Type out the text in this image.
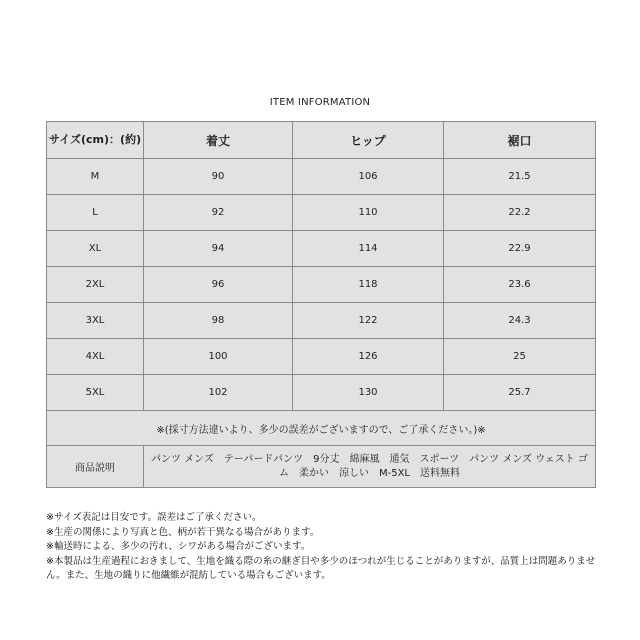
ITEM INFORMATION
サイズ(cm)：(約)	着丈	ヒップ	裾口
M	90	106	21.5
L	92	110	22.2
XL	94	114	22.9
2XL	96	118	23.6
3XL	98	122	24.3
4XL	100	126	25
5XL	102	130	25.7
※(採寸方法違いより、多少の誤差がございますので、ご了承ください。)※			
商品説明	パンツ メンズ　テーパードパンツ　9分丈　綿麻風　通気　スポーツ　パンツ メンズ ウェスト ゴム　柔かい　涼しい　M-5XL　送料無料		

※サイズ表記は目安です。誤差はご了承ください。

※生産の関係により写真と色、柄が若干異なる場合があります。

※輸送時による、多少の汚れ、シワがある場合がございます。

※本製品は生産過程におきまして、生地を織る際の糸の継ぎ目や多少のほつれが生じることがありますが、品質上は問題ありません。また、生地の織りに他繊維が混紡している場合もございます。
